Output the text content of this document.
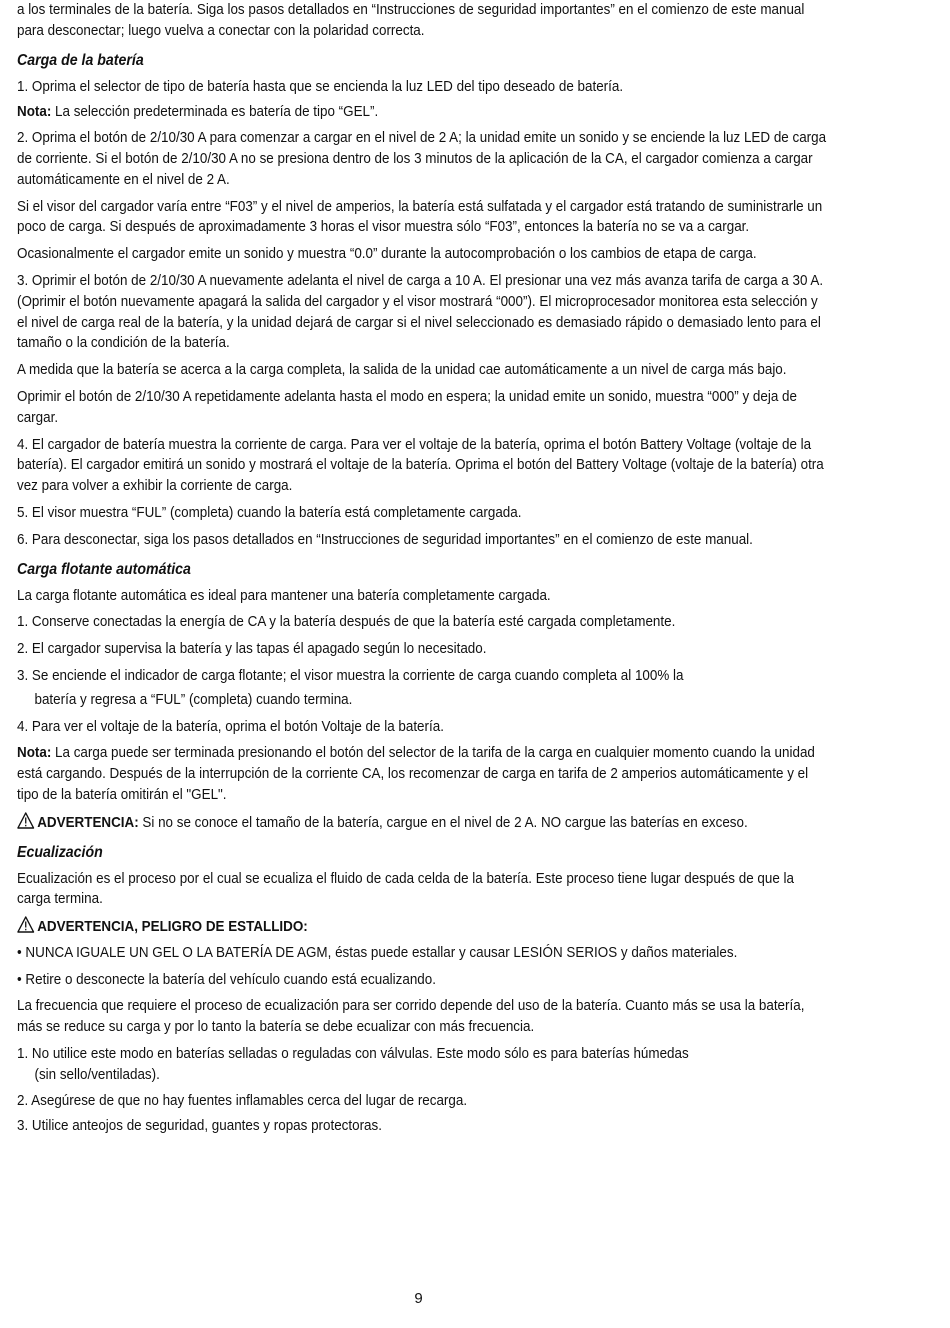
a los terminales de la batería. Siga los pasos detallados en “Instrucciones de seguridad importantes” en el comienzo de este manual para desconectar; luego vuelva a conectar con la polaridad correcta.

Carga de la batería

1. Oprima el selector de tipo de batería hasta que se encienda la luz LED del tipo deseado de batería.

Nota: La selección predeterminada es batería de tipo “GEL”.

2. Oprima el botón de 2/10/30 A para comenzar a cargar en el nivel de 2 A; la unidad emite un sonido y se enciende la luz LED de carga de corriente. Si el botón de 2/10/30 A no se presiona dentro de los 3 minutos de la aplicación de la CA, el cargador comienza a cargar automáticamente en el nivel de 2 A.

Si el visor del cargador varía entre “F03” y el nivel de amperios, la batería está sulfatada y el cargador está tratando de suministrarle un poco de carga. Si después de aproximadamente 3 horas el visor muestra sólo “F03”, entonces la batería no se va a cargar.

Ocasionalmente el cargador emite un sonido y muestra “0.0” durante la autocomprobación o los cambios de etapa de carga.

3. Oprimir el botón de 2/10/30 A nuevamente adelanta el nivel de carga a 10 A. El presionar una vez más avanza tarifa de carga a 30 A. (Oprimir el botón nuevamente apagará la salida del cargador y el visor mostrará “000”). El microprocesador monitorea esta selección y el nivel de carga real de la batería, y la unidad dejará de cargar si el nivel seleccionado es demasiado rápido o demasiado lento para el tamaño o la condición de la batería.

A medida que la batería se acerca a la carga completa, la salida de la unidad cae automáticamente a un nivel de carga más bajo.

Oprimir el botón de 2/10/30 A repetidamente adelanta hasta el modo en espera; la unidad emite un sonido, muestra “000” y deja de cargar.

4. El cargador de batería muestra la corriente de carga. Para ver el voltaje de la batería, oprima el botón Battery Voltage (voltaje de la batería). El cargador emitirá un sonido y mostrará el voltaje de la batería. Oprima el botón del Battery Voltage (voltaje de la batería) otra vez para volver a exhibir la corriente de carga.

5. El visor muestra “FUL” (completa) cuando la batería está completamente cargada.

6. Para desconectar, siga los pasos detallados en “Instrucciones de seguridad importantes” en el comienzo de este manual.

Carga flotante automática

La carga flotante automática es ideal para mantener una batería completamente cargada.

1. Conserve conectadas la energía de CA y la batería después de que la batería esté cargada completamente.

2. El cargador supervisa la batería y las tapas él apagado según lo necesitado.

3. Se enciende el indicador de carga flotante; el visor muestra la corriente de carga cuando completa al 100% la

batería y regresa a “FUL” (completa) cuando termina.

4. Para ver el voltaje de la batería, oprima el botón Voltaje de la batería.

Nota: La carga puede ser terminada presionando el botón del selector de la tarifa de la carga en cualquier momento cuando la unidad está cargando. Después de la interrupción de la corriente CA, los recomenzar de carga en tarifa de 2 amperios automáticamente y el tipo de la batería omitirán el "GEL".

ADVERTENCIA: Si no se conoce el tamaño de la batería, cargue en el nivel de 2 A. NO cargue las baterías en exceso.

Ecualización

Ecualización es el proceso por el cual se ecualiza el fluido de cada celda de la batería. Este proceso tiene lugar después de que la carga termina.

ADVERTENCIA, PELIGRO DE ESTALLIDO:

• NUNCA IGUALE UN GEL O LA BATERÍA DE AGM, éstas puede estallar y causar LESIÓN SERIOS y daños materiales.

• Retire o desconecte la batería del vehículo cuando está ecualizando.

La frecuencia que requiere el proceso de ecualización para ser corrido depende del uso de la batería. Cuanto más se usa la batería, más se reduce su carga y por lo tanto la batería se debe ecualizar con más frecuencia.

1. No utilice este modo en baterías selladas o reguladas con válvulas. Este modo sólo es para baterías húmedas

(sin sello/ventiladas).

2. Asegúrese de que no hay fuentes inflamables cerca del lugar de recarga.

3. Utilice anteojos de seguridad, guantes y ropas protectoras.

9
